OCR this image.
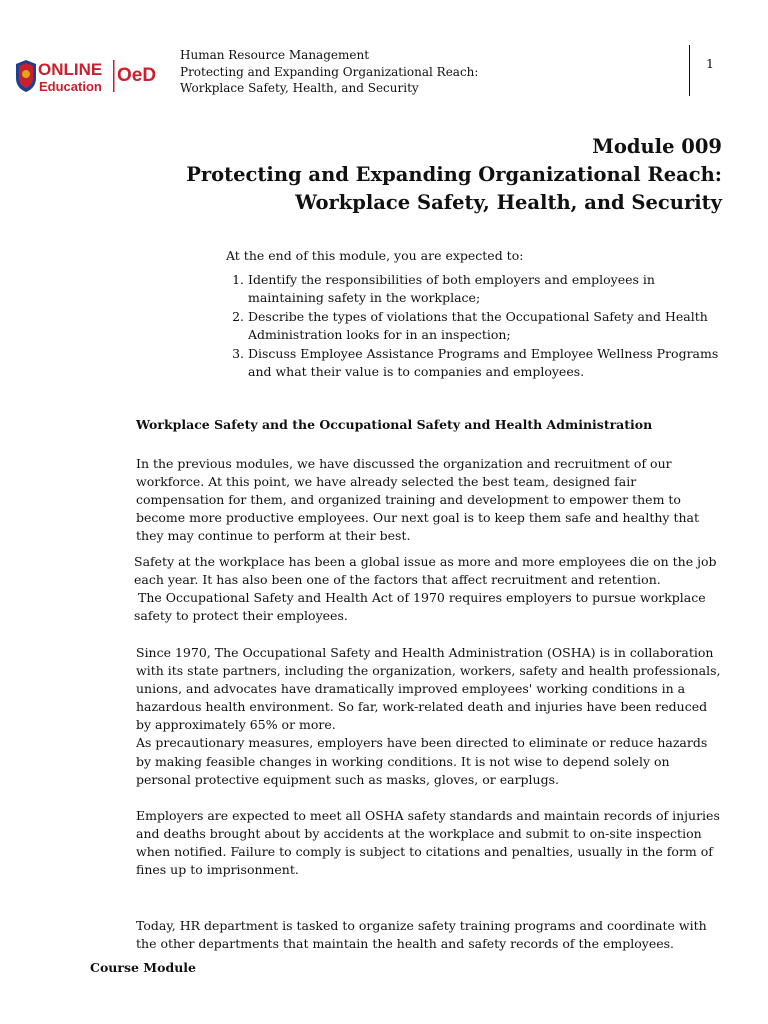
ONLINE
Education
OeD
Human Resource Management
Protecting and Expanding Organizational Reach:
Workplace Safety, Health, and Security
1
Module 009
Protecting and Expanding Organizational Reach:
Workplace Safety, Health, and Security
At the end of this module, you are expected to:
1. Identify the responsibilities of both employers and employees in maintaining safety in the workplace;
2. Describe the types of violations that the Occupational Safety and Health Administration looks for in an inspection;
3. Discuss Employee Assistance Programs and Employee Wellness Programs and what their value is to companies and employees.
Workplace Safety and the Occupational Safety and Health Administration

In the previous modules, we have discussed the organization and recruitment of our workforce. At this point, we have already selected the best team, designed fair compensation for them, and organized training and development to empower them to become more productive employees. Our next goal is to keep them safe and healthy that they may continue to perform at their best.

Safety at the workplace has been a global issue as more and more employees die on the job each year. It has also been one of the factors that affect recruitment and retention.
The Occupational Safety and Health Act of 1970 requires employers to pursue workplace safety to protect their employees.
Since 1970, The Occupational Safety and Health Administration (OSHA) is in collaboration with its state partners, including the organization, workers, safety and health professionals, unions, and advocates have dramatically improved employees' working conditions in a hazardous health environment. So far, work-related death and injuries have been reduced by approximately 65% or more.
As precautionary measures, employers have been directed to eliminate or reduce hazards by making feasible changes in working conditions. It is not wise to depend solely on personal protective equipment such as masks, gloves, or earplugs.

Employers are expected to meet all OSHA safety standards and maintain records of injuries and deaths brought about by accidents at the workplace and submit to on-site inspection when notified. Failure to comply is subject to citations and penalties, usually in the form of fines up to imprisonment.

Today, HR department is tasked to organize safety training programs and coordinate with the other departments that maintain the health and safety records of the employees.

Course Module
